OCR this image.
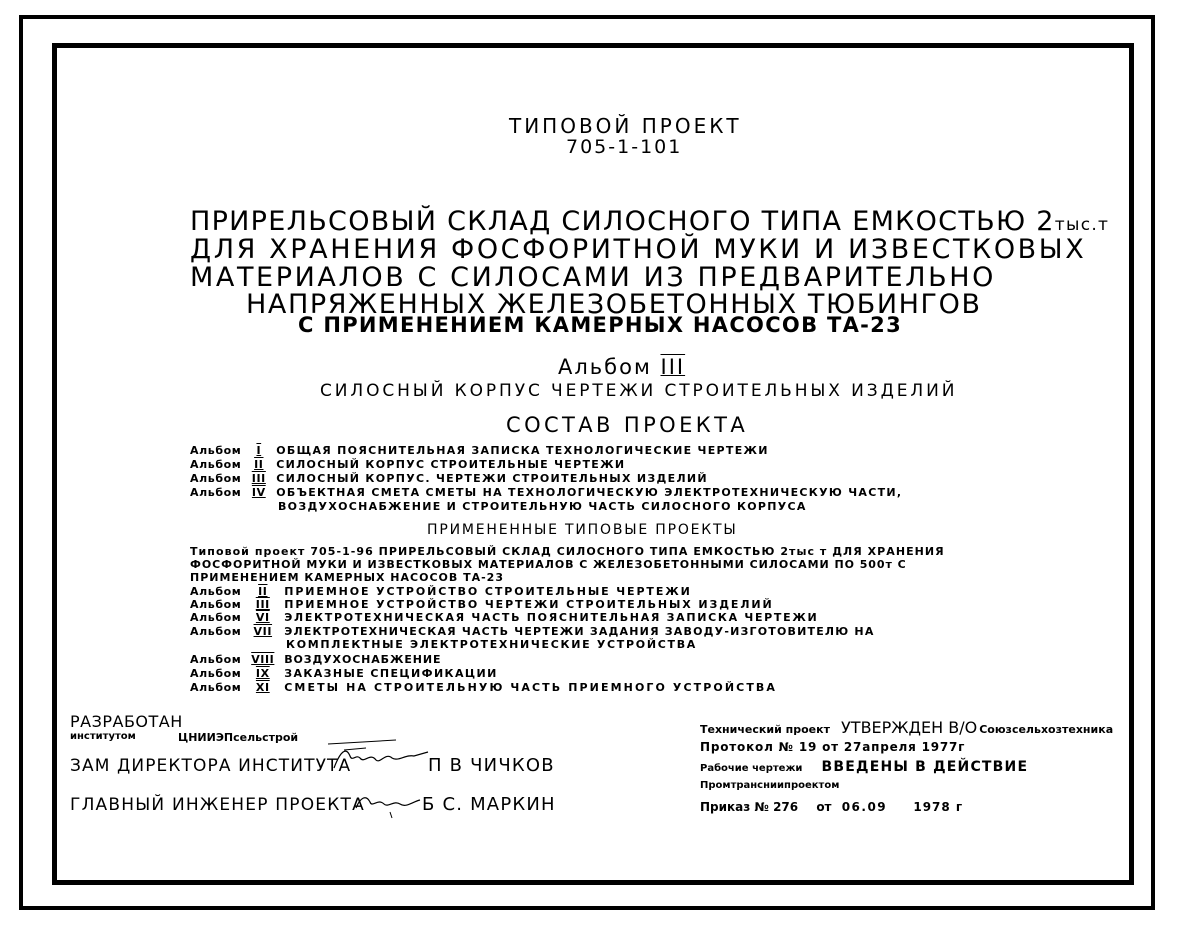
ТИПОВОЙ ПРОЕКТ
705-1-101
ПРИРЕЛЬСОВЫЙ СКЛАД СИЛОСНОГО ТИПА ЕМКОСТЬЮ 2тыс.т
ДЛЯ ХРАНЕНИЯ ФОСФОРИТНОЙ МУКИ И ИЗВЕСТКОВЫХ
МАТЕРИАЛОВ С СИЛОСАМИ ИЗ ПРЕДВАРИТЕЛЬНО
НАПРЯЖЕННЫХ ЖЕЛЕЗОБЕТОННЫХ ТЮБИНГОВ
С ПРИМЕНЕНИЕМ КАМЕРНЫХ НАСОСОВ ТА-23
Альбом III
СИЛОСНЫЙ КОРПУС ЧЕРТЕЖИ СТРОИТЕЛЬНЫХ ИЗДЕЛИЙ
СОСТАВ ПРОЕКТА
Альбом I ОБЩАЯ ПОЯСНИТЕЛЬНАЯ ЗАПИСКА ТЕХНОЛОГИЧЕСКИЕ ЧЕРТЕЖИ
Альбом II СИЛОСНЫЙ КОРПУС СТРОИТЕЛЬНЫЕ ЧЕРТЕЖИ
Альбом III СИЛОСНЫЙ КОРПУС. ЧЕРТЕЖИ СТРОИТЕЛЬНЫХ ИЗДЕЛИЙ
Альбом IV ОБЪЕКТНАЯ СМЕТА СМЕТЫ НА ТЕХНОЛОГИЧЕСКУЮ ЭЛЕКТРОТЕХНИЧЕСКУЮ ЧАСТИ,
ВОЗДУХОСНАБЖЕНИЕ И СТРОИТЕЛЬНУЮ ЧАСТЬ СИЛОСНОГО КОРПУСА
ПРИМЕНЕННЫЕ ТИПОВЫЕ ПРОЕКТЫ
Типовой проект 705-1-96 ПРИРЕЛЬСОВЫЙ СКЛАД СИЛОСНОГО ТИПА ЕМКОСТЬЮ 2тыс т ДЛЯ ХРАНЕНИЯ
ФОСФОРИТНОЙ МУКИ И ИЗВЕСТКОВЫХ МАТЕРИАЛОВ С ЖЕЛЕЗОБЕТОННЫМИ СИЛОСАМИ ПО 500т С
ПРИМЕНЕНИЕМ КАМЕРНЫХ НАСОСОВ ТА-23
Альбом II ПРИЕМНОЕ УСТРОЙСТВО СТРОИТЕЛЬНЫЕ ЧЕРТЕЖИ
Альбом III ПРИЕМНОЕ УСТРОЙСТВО ЧЕРТЕЖИ СТРОИТЕЛЬНЫХ ИЗДЕЛИЙ
Альбом VI ЭЛЕКТРОТЕХНИЧЕСКАЯ ЧАСТЬ ПОЯСНИТЕЛЬНАЯ ЗАПИСКА ЧЕРТЕЖИ
Альбом VII ЭЛЕКТРОТЕХНИЧЕСКАЯ ЧАСТЬ ЧЕРТЕЖИ ЗАДАНИЯ ЗАВОДУ-ИЗГОТОВИТЕЛЮ НА
КОМПЛЕКТНЫЕ ЭЛЕКТРОТЕХНИЧЕСКИЕ УСТРОЙСТВА
Альбом VIII ВОЗДУХОСНАБЖЕНИЕ
Альбом IX ЗАКАЗНЫЕ СПЕЦИФИКАЦИИ
Альбом XI СМЕТЫ НА СТРОИТЕЛЬНУЮ ЧАСТЬ ПРИЕМНОГО УСТРОЙСТВА
РАЗРАБОТАН
институтом	ЦНИИЭПсельстрой
ЗАМ ДИРЕКТОРА ИНСТИТУТА	П В ЧИЧКОВ
ГЛАВНЫЙ ИНЖЕНЕР ПРОЕКТА	Б С. МАРКИН
Технический проект УТВЕРЖДЕН В/О Союзсельхозтехника
Протокол № 19 от 27апреля 1977г
Рабочие чертежи ВВЕДЕНЫ В ДЕЙСТВИЕ
Промтрансниипроектом
Приказ № 276 от 06.09 1978 г
